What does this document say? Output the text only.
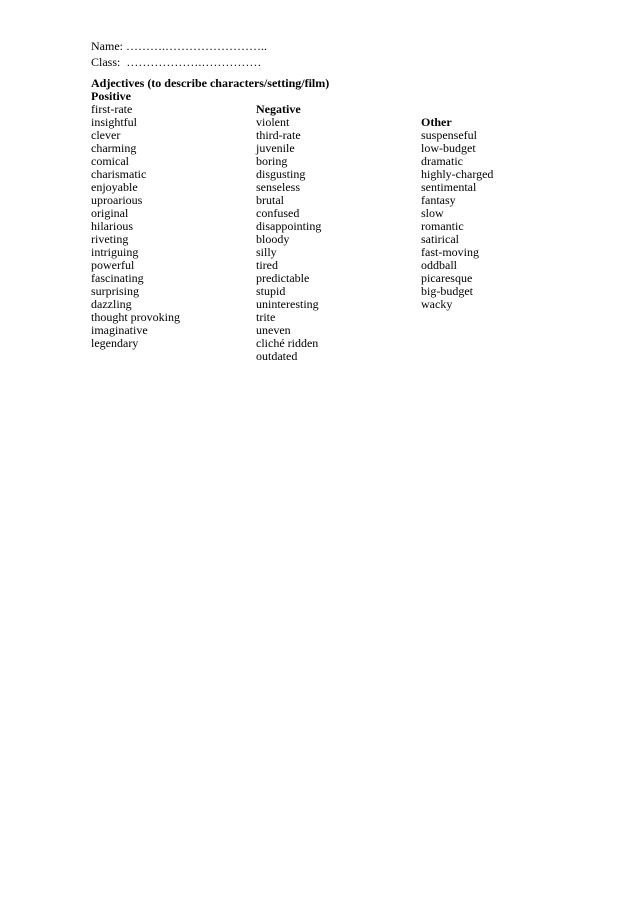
Name: ……….……………………..
Class:  ……………….……………
Adjectives (to describe characters/setting/film)
Positive
first-rate
insightful
clever
charming
comical
charismatic
enjoyable
uproarious
original
hilarious
riveting
intriguing
powerful
fascinating
surprising
dazzling
thought provoking
imaginative
legendary
Negative
violent
third-rate
juvenile
boring
disgusting
senseless
brutal
confused
disappointing
bloody
silly
tired
predictable
stupid
uninteresting
trite
uneven
cliché ridden
outdated
Other
suspenseful
low-budget
dramatic
highly-charged
sentimental
fantasy
slow
romantic
satirical
fast-moving
oddball
picaresque
big-budget
wacky
